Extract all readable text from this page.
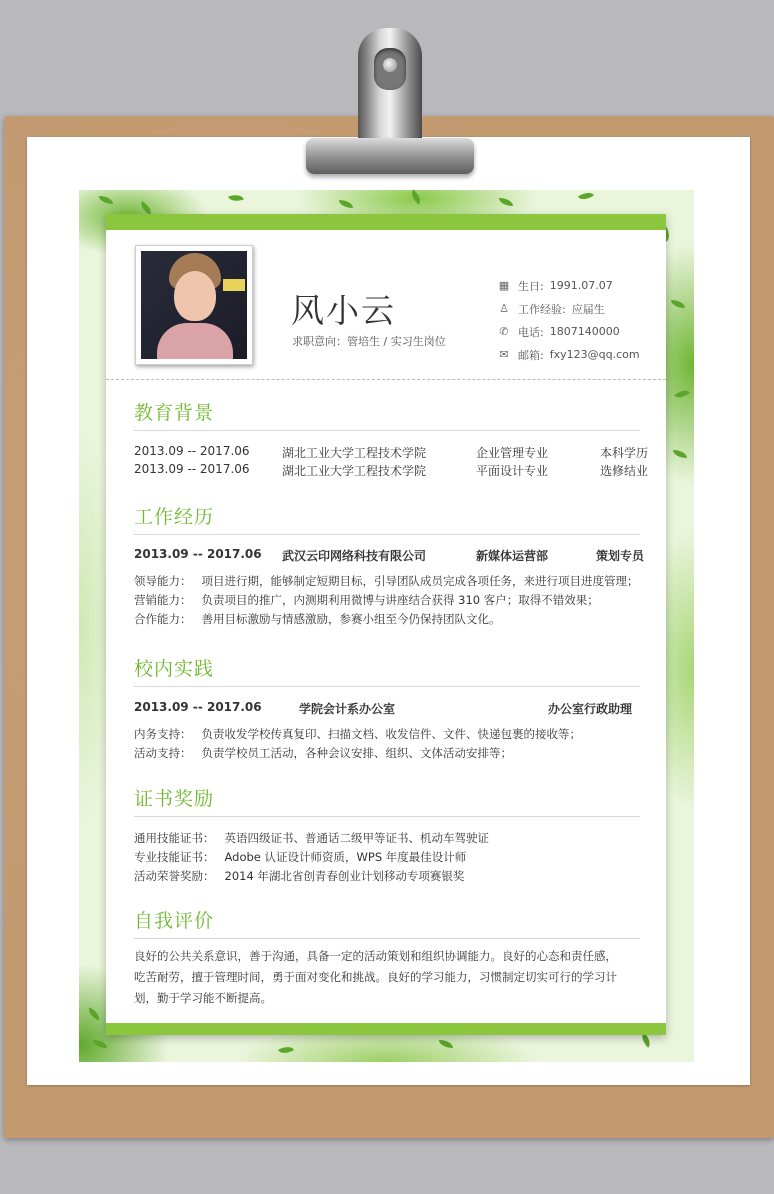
风小云
求职意向：管培生 / 实习生岗位
▦ 生日: 1991.07.07
♙ 工作经验: 应届生
✆ 电话: 1807140000
✉ 邮箱: fxy123@qq.com
教育背景
2013.09 -- 2017.06	湖北工业大学工程技术学院	企业管理专业	本科学历
2013.09 -- 2017.06	湖北工业大学工程技术学院	平面设计专业	选修结业
工作经历
2013.09 -- 2017.06 武汉云印网络科技有限公司	新媒体运营部	策划专员
领导能力： 项目进行期，能够制定短期目标，引导团队成员完成各项任务，来进行项目进度管理；
营销能力： 负责项目的推广，内测期利用微博与讲座结合获得 310 客户；取得不错效果；
合作能力： 善用目标激励与情感激励，参赛小组至今仍保持团队文化。
校内实践
2013.09 -- 2017.06	学院会计系办公室	办公室行政助理
内务支持： 负责收发学校传真复印、扫描文档、收发信件、文件、快递包裹的接收等；
活动支持： 负责学校员工活动，各种会议安排、组织、文体活动安排等；
证书奖励
通用技能证书： 英语四级证书、普通话二级甲等证书、机动车驾驶证
专业技能证书： Adobe 认证设计师资质，WPS 年度最佳设计师
活动荣誉奖励： 2014 年湖北省创青春创业计划移动专项赛银奖
自我评价
良好的公共关系意识，善于沟通，具备一定的活动策划和组织协调能力。良好的心态和责任感，吃苦耐劳，擅于管理时间，勇于面对变化和挑战。良好的学习能力，习惯制定切实可行的学习计划，勤于学习能不断提高。
